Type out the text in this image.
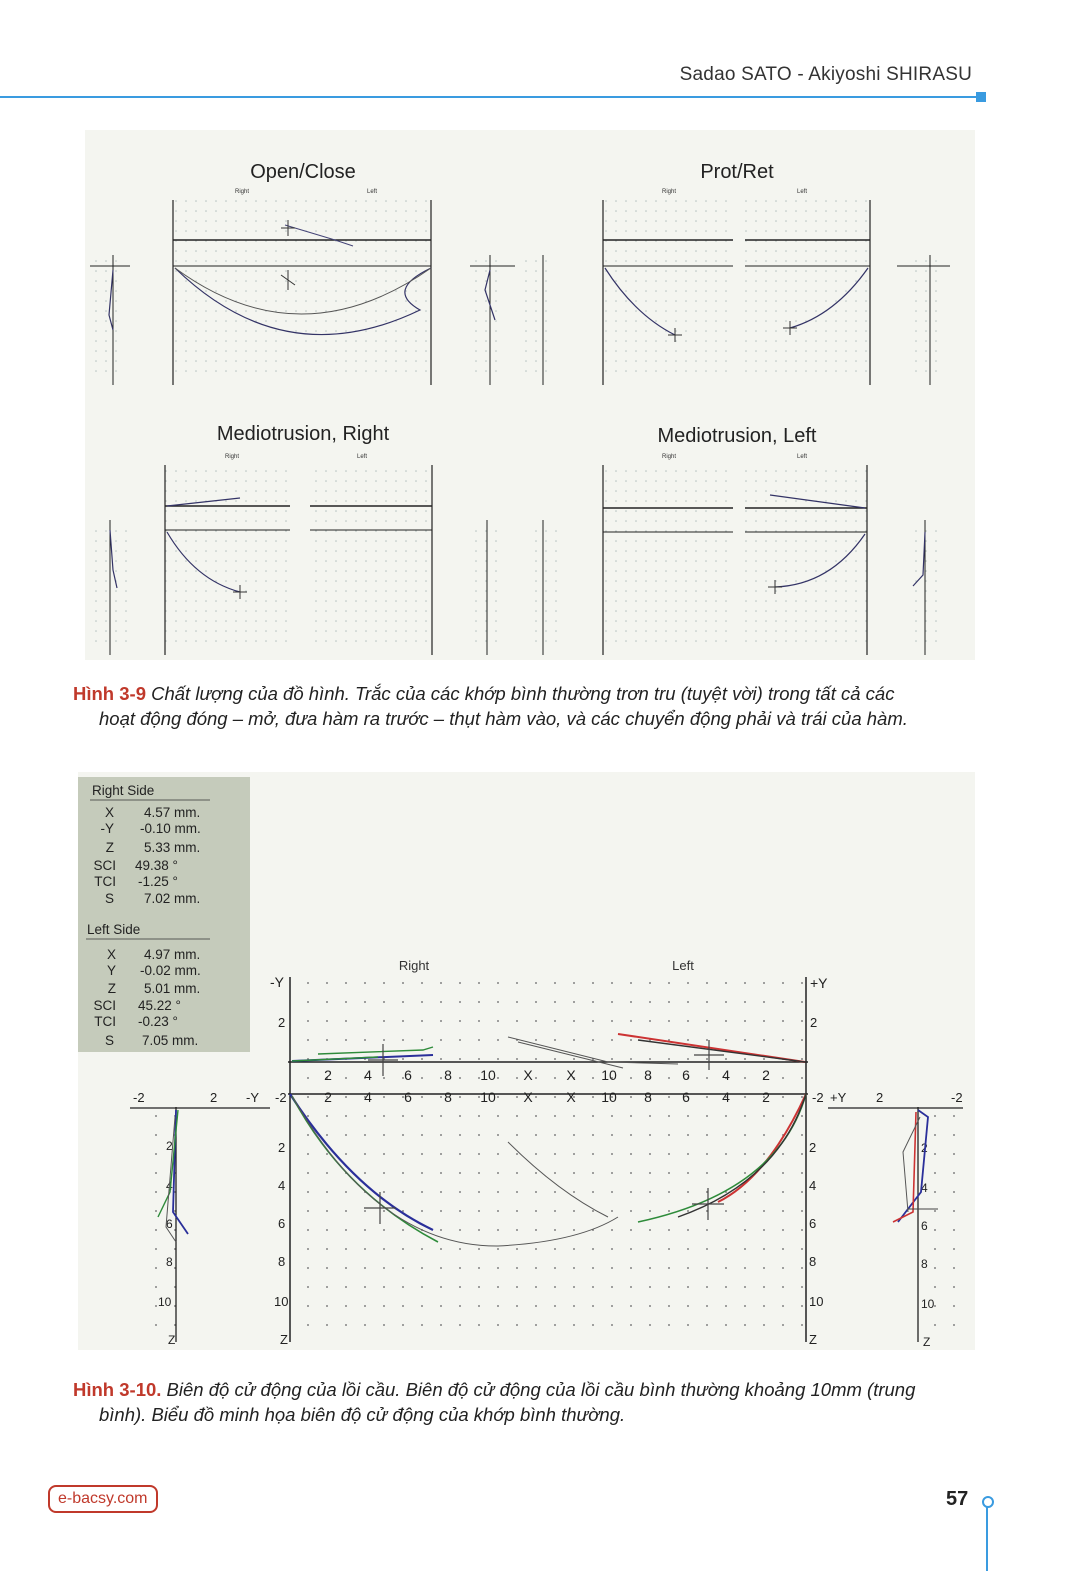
Sadao SATO - Akiyoshi SHIRASU
Open/Close
Right	Left
Prot/Ret
Right	Left
Mediotrusion, Right
Right	Left
Mediotrusion, Left
Right	Left
Hình 3-9 Chất lượng của đồ hình. Trắc của các khớp bình thường trơn tru (tuyệt vời) trong tất cả các
hoạt động đóng – mở, đưa hàm ra trước – thụt hàm vào, và các chuyển động phải và trái của hàm.
Right Side
X 4.57 mm.
-Y -0.10 mm.
Z 5.33 mm.
SCI 49.38 °
TCI -1.25 °
S 7.02 mm.
Left Side
X 4.97 mm.
Y -0.02 mm.
Z 5.01 mm.
SCI 45.22 °
TCI -0.23 °
S 7.05 mm.
Right	Left
-Y	+Y
2	2
2 4 6 8 10 X X 10 8 6 4 2
2 4 6 8 10 X X 10 8 6 4 2
2
4
6
8
10
2
4
6
8
10
Z	Z
-2	2 -Y -2
2
4
6
8
10
Z
-2 +Y 2	-2
2
4
6
8
10
Z
Hình 3-10. Biên độ cử động của lồi cầu. Biên độ cử động của lồi cầu bình thường khoảng 10mm (trung
bình). Biểu đồ minh họa biên độ cử động của khớp bình thường.
e-bacsy.com	57
